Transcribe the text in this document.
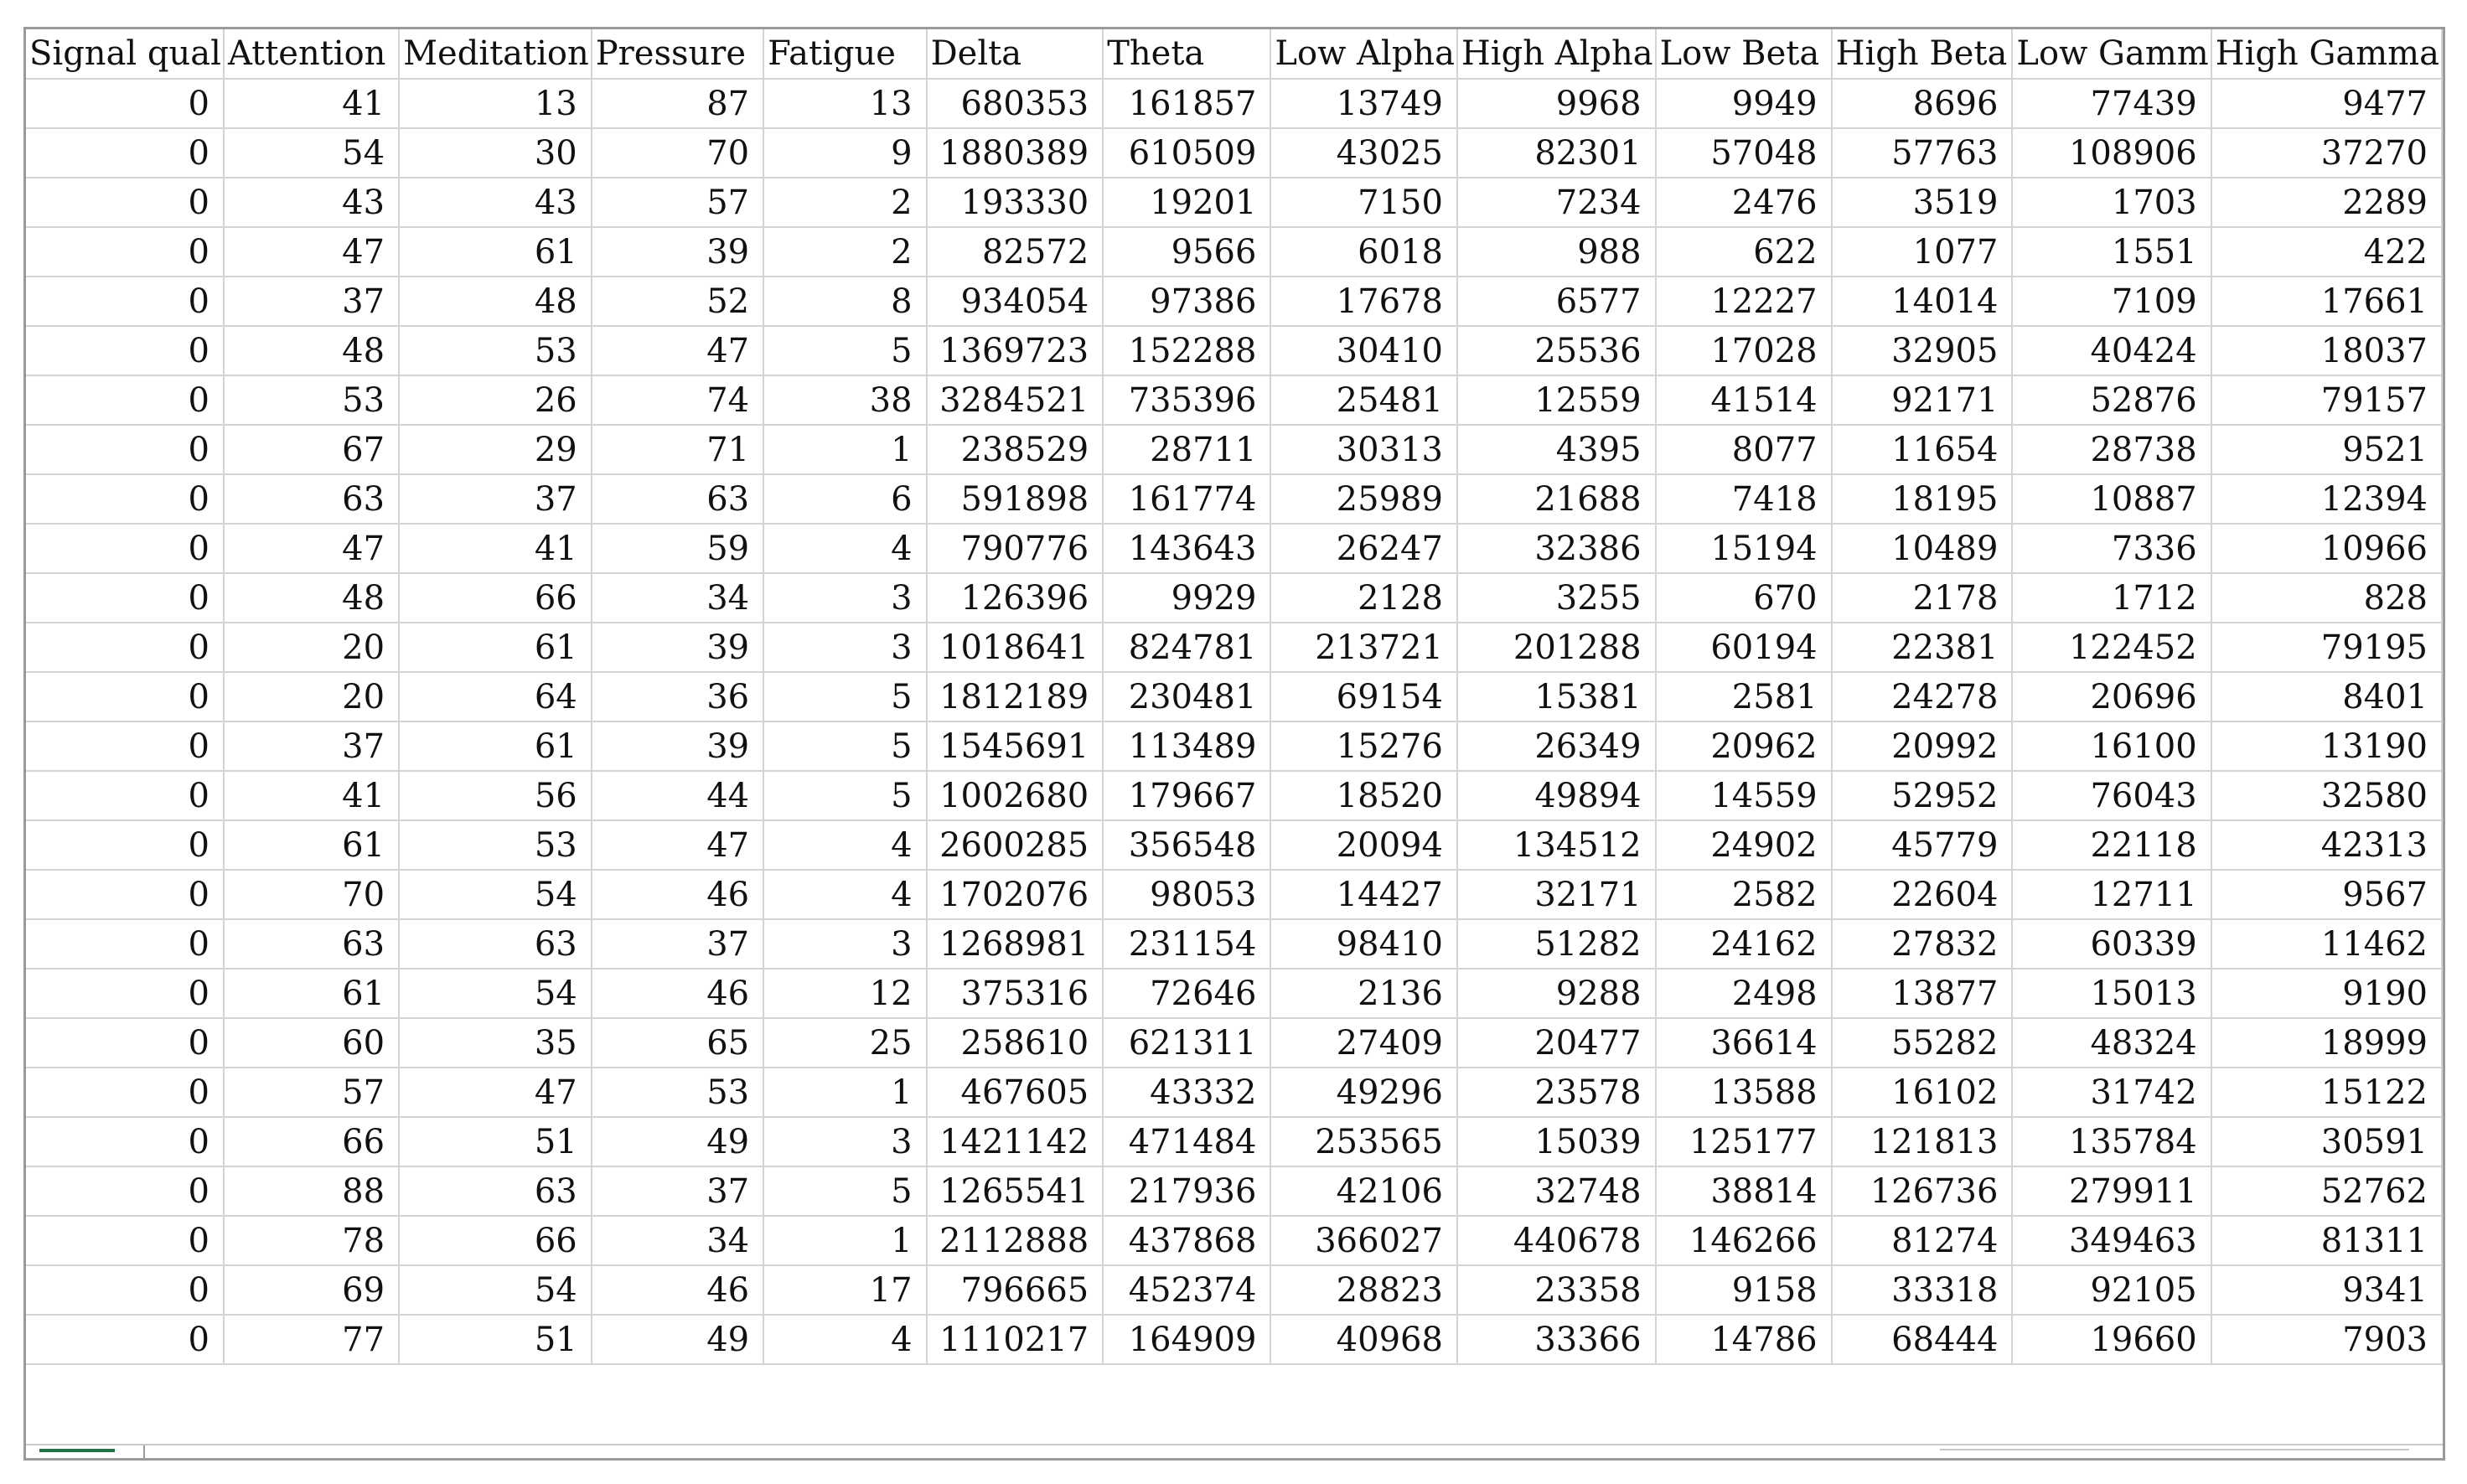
Signal qual	Attention	Meditation	Pressure	Fatigue	Delta	Theta	Low Alpha	High Alpha	Low Beta	High Beta	Low Gamm	High Gamma
0	41	13	87	13	680353	161857	13749	9968	9949	8696	77439	9477
0	54	30	70	9	1880389	610509	43025	82301	57048	57763	108906	37270
0	43	43	57	2	193330	19201	7150	7234	2476	3519	1703	2289
0	47	61	39	2	82572	9566	6018	988	622	1077	1551	422
0	37	48	52	8	934054	97386	17678	6577	12227	14014	7109	17661
0	48	53	47	5	1369723	152288	30410	25536	17028	32905	40424	18037
0	53	26	74	38	3284521	735396	25481	12559	41514	92171	52876	79157
0	67	29	71	1	238529	28711	30313	4395	8077	11654	28738	9521
0	63	37	63	6	591898	161774	25989	21688	7418	18195	10887	12394
0	47	41	59	4	790776	143643	26247	32386	15194	10489	7336	10966
0	48	66	34	3	126396	9929	2128	3255	670	2178	1712	828
0	20	61	39	3	1018641	824781	213721	201288	60194	22381	122452	79195
0	20	64	36	5	1812189	230481	69154	15381	2581	24278	20696	8401
0	37	61	39	5	1545691	113489	15276	26349	20962	20992	16100	13190
0	41	56	44	5	1002680	179667	18520	49894	14559	52952	76043	32580
0	61	53	47	4	2600285	356548	20094	134512	24902	45779	22118	42313
0	70	54	46	4	1702076	98053	14427	32171	2582	22604	12711	9567
0	63	63	37	3	1268981	231154	98410	51282	24162	27832	60339	11462
0	61	54	46	12	375316	72646	2136	9288	2498	13877	15013	9190
0	60	35	65	25	258610	621311	27409	20477	36614	55282	48324	18999
0	57	47	53	1	467605	43332	49296	23578	13588	16102	31742	15122
0	66	51	49	3	1421142	471484	253565	15039	125177	121813	135784	30591
0	88	63	37	5	1265541	217936	42106	32748	38814	126736	279911	52762
0	78	66	34	1	2112888	437868	366027	440678	146266	81274	349463	81311
0	69	54	46	17	796665	452374	28823	23358	9158	33318	92105	9341
0	77	51	49	4	1110217	164909	40968	33366	14786	68444	19660	7903
